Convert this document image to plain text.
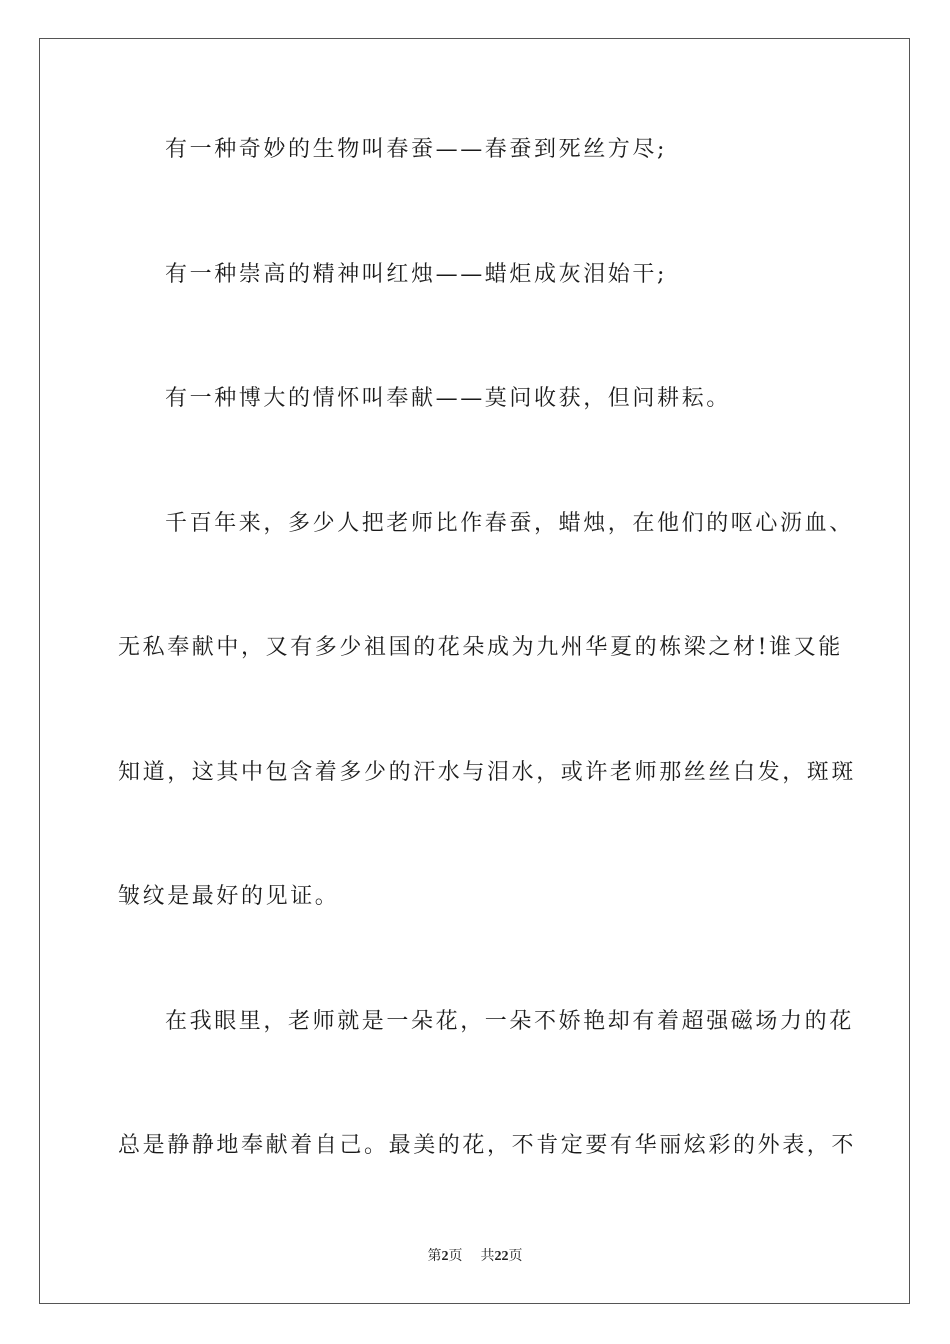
有一种奇妙的生物叫春蚕——春蚕到死丝方尽;
有一种崇高的精神叫红烛——蜡炬成灰泪始干;
有一种博大的情怀叫奉献——莫问收获，但问耕耘。
千百年来，多少人把老师比作春蚕，蜡烛，在他们的呕心沥血、
无私奉献中，又有多少祖国的花朵成为九州华夏的栋梁之材!谁又能
知道，这其中包含着多少的汗水与泪水，或许老师那丝丝白发，斑斑
皱纹是最好的见证。
在我眼里，老师就是一朵花，一朵不娇艳却有着超强磁场力的花
总是静静地奉献着自己。最美的花，不肯定要有华丽炫彩的外表，不
第2页 共22页
